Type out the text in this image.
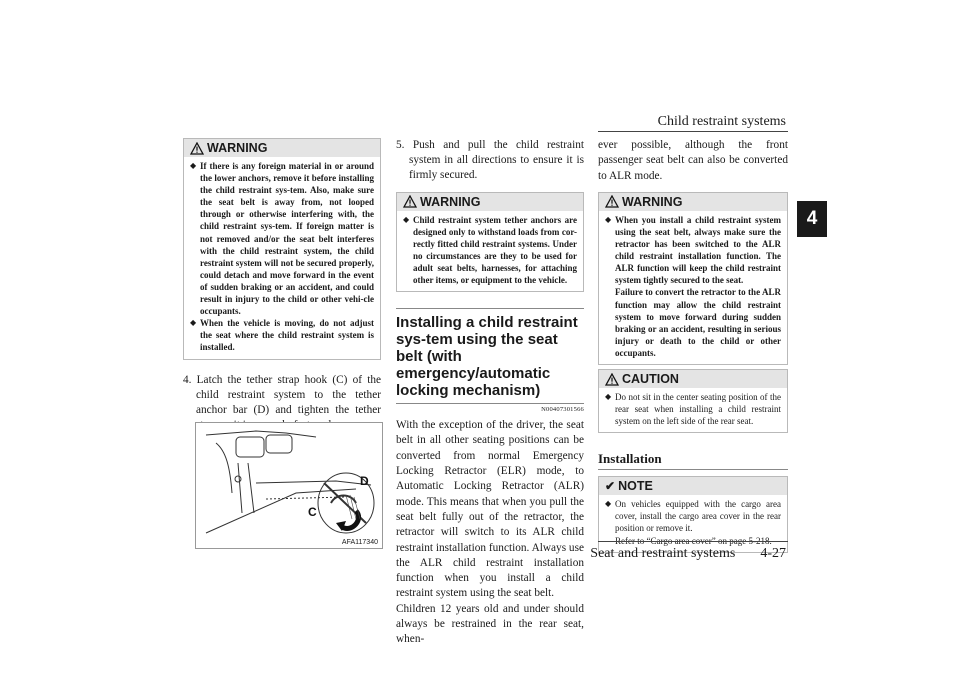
Child restraint systems
4
WARNING
◆ If there is any foreign material in or around the lower anchors, remove it before installing the child restraint sys-tem. Also, make sure the seat belt is away from, not looped through or otherwise interfering with, the child restraint sys-tem. If foreign matter is not removed and/or the seat belt interferes with the child restraint system, the child restraint system will not be secured properly, could detach and move forward in the event of sudden braking or an accident, and could result in injury to the child or other vehi-cle occupants.
◆ When the vehicle is moving, do not adjust the seat where the child restraint system is installed.

4. Latch the tether strap hook (C) of the child restraint system to the tether anchor bar (D) and tighten the tether

C
D
AFA117340

5. Push and pull the child restraint system in all directions to ensure it is firmly secured.

WARNING
◆ Child restraint system tether anchors are designed only to withstand loads from cor-rectly fitted child restraint systems. Under no circumstances are they to be used for adult seat belts, harnesses, for attaching other items, or equipment to the vehicle.
Installing a child restraint sys-tem using the seat belt (with emergency/automatic locking mechanism)
N00407301566

With the exception of the driver, the seat belt in all other seating positions can be converted from normal Emergency Locking Retractor (ELR) mode, to Automatic Locking Retractor (ALR) mode. This means that when you pull the seat belt fully out of the retractor, the retractor will switch to its ALR child restraint installation function. Always use the ALR child restraint installation function when you install a child restraint system using the seat belt.

Children 12 years old and under should always be restrained in the rear seat, when-

ever possible, although the front passenger seat belt can also be converted to ALR mode.

WARNING
◆ When you install a child restraint system using the seat belt, always make sure the retractor has been switched to the ALR child restraint installation function. The ALR function will keep the child restraint system tightly secured to the seat.
Failure to convert the retractor to the ALR function may allow the child restraint system to move forward during sudden braking or an accident, resulting in serious injury or death to the child or other occupants.
CAUTION
◆ Do not sit in the center seating position of the rear seat when installing a child restraint system on the left side of the rear seat.
Installation
✔ NOTE
◆ On vehicles equipped with the cargo area cover, install the cargo area cover in the rear position or remove it.
Refer to “Cargo area cover” on page 5-218.
Seat and restraint systems 4-27
